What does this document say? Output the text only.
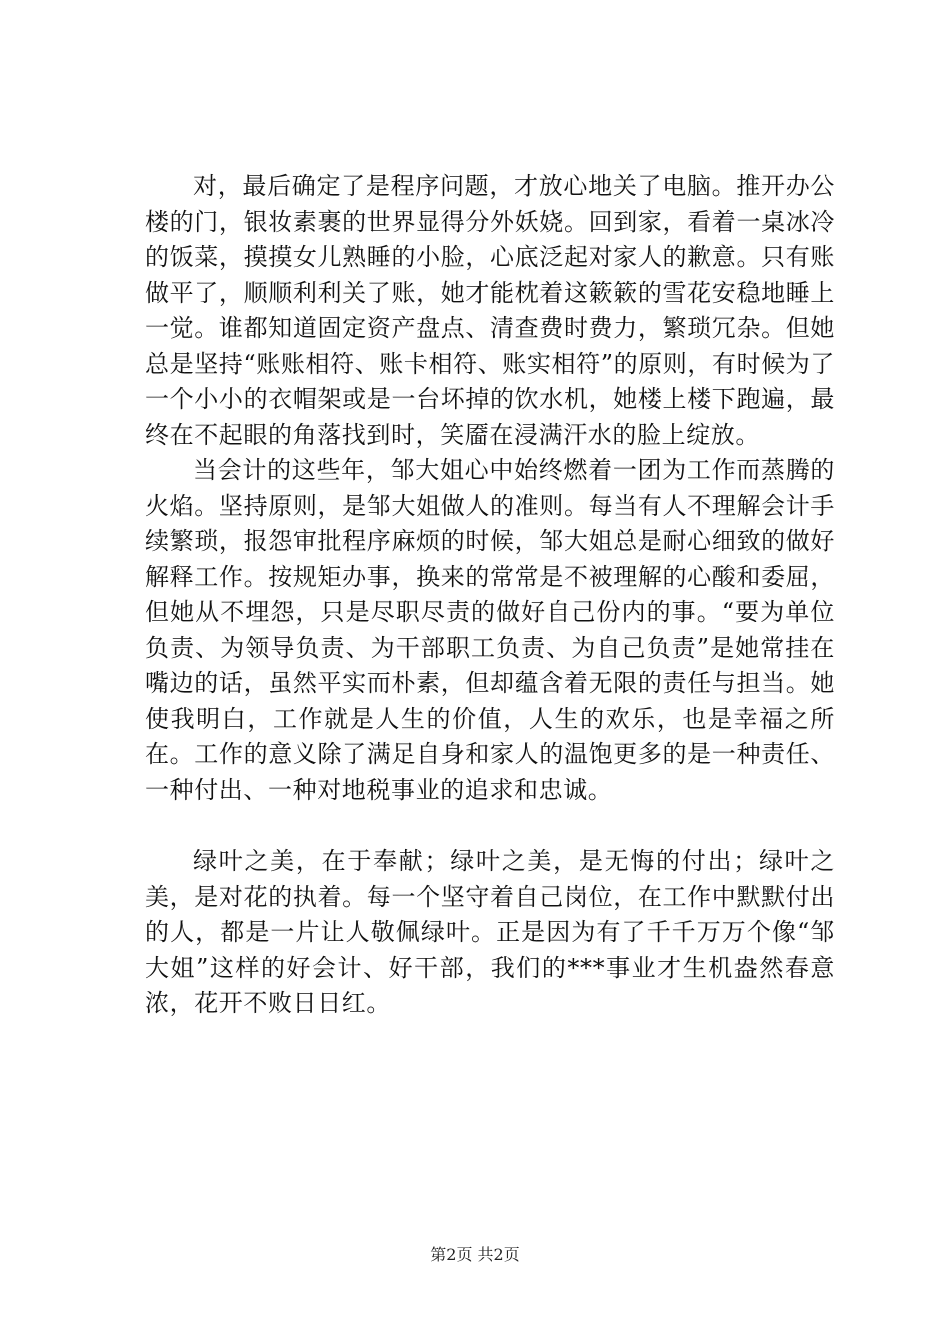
对，最后确定了是程序问题，才放心地关了电脑。推开办公楼的门，银妆素裹的世界显得分外妖娆。回到家，看着一桌冰冷的饭菜，摸摸女儿熟睡的小脸，心底泛起对家人的歉意。只有账做平了，顺顺利利关了账，她才能枕着这簌簌的雪花安稳地睡上一觉。谁都知道固定资产盘点、清查费时费力，繁琐冗杂。但她总是坚持“账账相符、账卡相符、账实相符”的原则，有时候为了一个小小的衣帽架或是一台坏掉的饮水机，她楼上楼下跑遍，最终在不起眼的角落找到时，笑靥在浸满汗水的脸上绽放。

当会计的这些年，邹大姐心中始终燃着一团为工作而蒸腾的火焰。坚持原则，是邹大姐做人的准则。每当有人不理解会计手续繁琐，报怨审批程序麻烦的时候，邹大姐总是耐心细致的做好解释工作。按规矩办事，换来的常常是不被理解的心酸和委屈，但她从不埋怨，只是尽职尽责的做好自己份内的事。“要为单位负责、为领导负责、为干部职工负责、为自己负责”是她常挂在嘴边的话，虽然平实而朴素，但却蕴含着无限的责任与担当。她使我明白，工作就是人生的价值，人生的欢乐，也是幸福之所在。工作的意义除了满足自身和家人的温饱更多的是一种责任、一种付出、一种对地税事业的追求和忠诚。

绿叶之美，在于奉献；绿叶之美，是无悔的付出；绿叶之美，是对花的执着。每一个坚守着自己岗位，在工作中默默付出的人，都是一片让人敬佩绿叶。正是因为有了千千万万个像“邹大姐”这样的好会计、好干部，我们的***事业才生机盎然春意浓，花开不败日日红。

第2页 共2页
